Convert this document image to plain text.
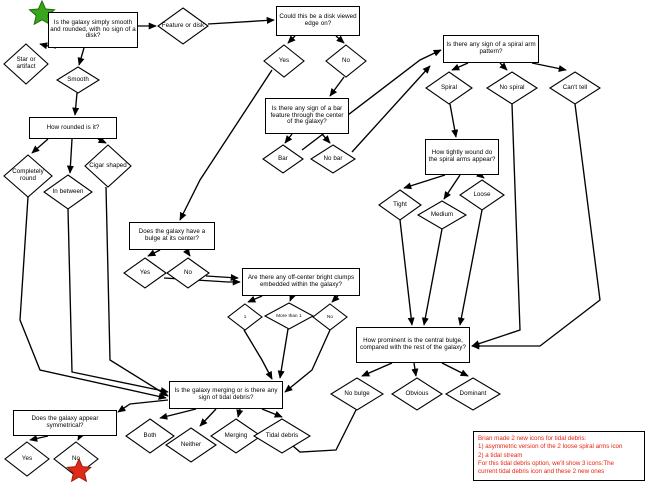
Is the galaxy simply smooth and rounded, with no sign of a disk?
Star or artifact
Smooth
Feature or disk
How rounded is it?
Completely round
In between
Cigar shaped
Could this be a disk viewed edge on?
Yes	No
Is there any sign of a bar feature through the center of the galaxy?
Bar	No bar
Is there any sign of a spiral arm pattern?
Spiral	No spiral	Can't tell
How tightly wound do the spiral arms appear?
Tight
Medium
Loose
Does the galaxy have a bulge at its center?
Yes	No
Are there any off-center bright clumps embedded within the galaxy?
1	More than 1	No
How prominent is the central bulge, compared with the rest of the galaxy?
No bulge	Obvious	Dominant
Is the galaxy merging or is there any sign of tidal debris?
Both
Neither
Merging	Tidal debris
Does the galaxy appear symmetrical?
Yes	No
Brian made 2 new icons for tidal debris:
1) asymmetric version of the 2 loose spiral arms icon
2) a tidal stream
For this tidal debris option, we'll show 3 icons:The
current tidal debris icon and these 2 new ones
